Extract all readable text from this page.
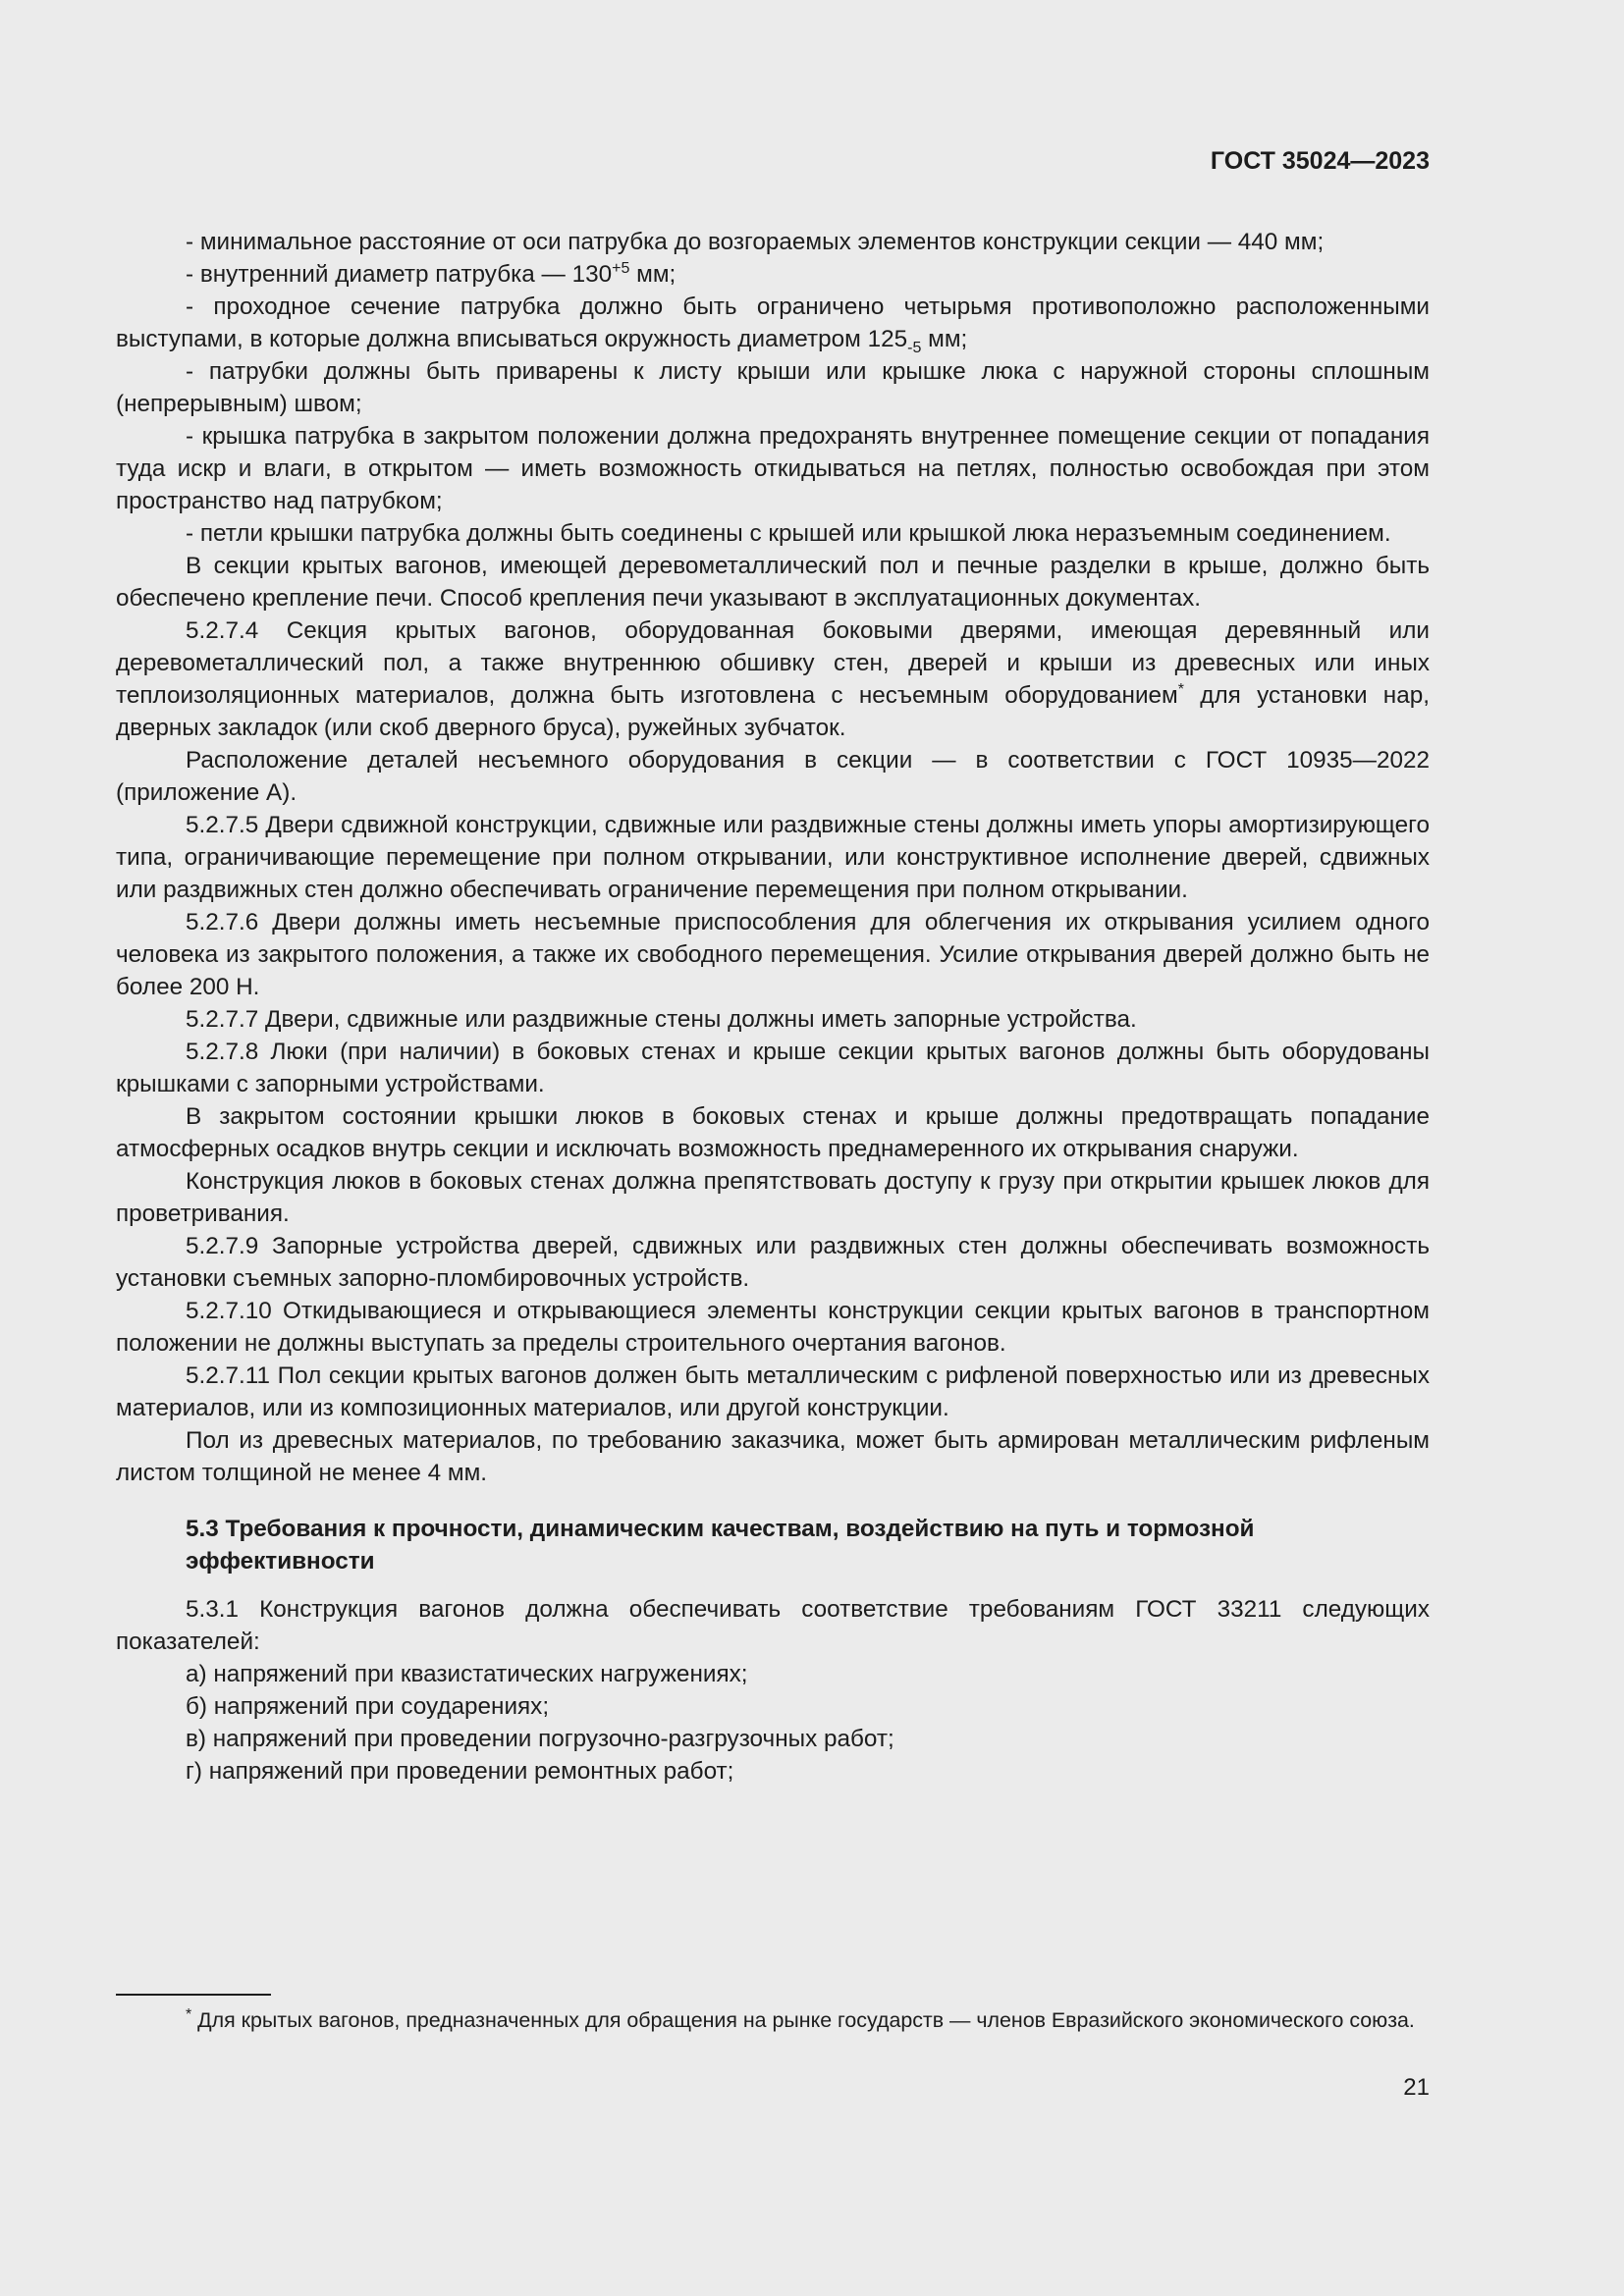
ГОСТ 35024—2023

- минимальное расстояние от оси патрубка до возгораемых элементов конструкции секции — 440 мм;

- внутренний диаметр патрубка — $130^{+5}$ мм;

- проходное сечение патрубка должно быть ограничено четырьмя противоположно расположенными выступами, в которые должна вписываться окружность диаметром $125_{-5}$ мм;

- патрубки должны быть приварены к листу крыши или крышке люка с наружной стороны сплошным (непрерывным) швом;

- крышка патрубка в закрытом положении должна предохранять внутреннее помещение секции от попадания туда искр и влаги, в открытом — иметь возможность откидываться на петлях, полностью освобождая при этом пространство над патрубком;

- петли крышки патрубка должны быть соединены с крышей или крышкой люка неразъемным соединением.

В секции крытых вагонов, имеющей деревометаллический пол и печные разделки в крыше, должно быть обеспечено крепление печи. Способ крепления печи указывают в эксплуатационных документах.

5.2.7.4 Секция крытых вагонов, оборудованная боковыми дверями, имеющая деревянный или деревометаллический пол, а также внутреннюю обшивку стен, дверей и крыши из древесных или иных теплоизоляционных материалов, должна быть изготовлена с несъемным оборудованием* для установки нар, дверных закладок (или скоб дверного бруса), ружейных зубчаток.

Расположение деталей несъемного оборудования в секции — в соответствии с ГОСТ 10935—2022 (приложение А).

5.2.7.5 Двери сдвижной конструкции, сдвижные или раздвижные стены должны иметь упоры амортизирующего типа, ограничивающие перемещение при полном открывании, или конструктивное исполнение дверей, сдвижных или раздвижных стен должно обеспечивать ограничение перемещения при полном открывании.

5.2.7.6 Двери должны иметь несъемные приспособления для облегчения их открывания усилием одного человека из закрытого положения, а также их свободного перемещения. Усилие открывания дверей должно быть не более 200 Н.

5.2.7.7 Двери, сдвижные или раздвижные стены должны иметь запорные устройства.

5.2.7.8 Люки (при наличии) в боковых стенах и крыше секции крытых вагонов должны быть оборудованы крышками с запорными устройствами.

В закрытом состоянии крышки люков в боковых стенах и крыше должны предотвращать попадание атмосферных осадков внутрь секции и исключать возможность преднамеренного их открывания снаружи.

Конструкция люков в боковых стенах должна препятствовать доступу к грузу при открытии крышек люков для проветривания.

5.2.7.9 Запорные устройства дверей, сдвижных или раздвижных стен должны обеспечивать возможность установки съемных запорно-пломбировочных устройств.

5.2.7.10 Откидывающиеся и открывающиеся элементы конструкции секции крытых вагонов в транспортном положении не должны выступать за пределы строительного очертания вагонов.

5.2.7.11 Пол секции крытых вагонов должен быть металлическим с рифленой поверхностью или из древесных материалов, или из композиционных материалов, или другой конструкции.

Пол из древесных материалов, по требованию заказчика, может быть армирован металлическим рифленым листом толщиной не менее 4 мм.

5.3 Требования к прочности, динамическим качествам, воздействию на путь и тормозной эффективности

5.3.1 Конструкция вагонов должна обеспечивать соответствие требованиям ГОСТ 33211 следующих показателей:

а) напряжений при квазистатических нагружениях;

б) напряжений при соударениях;

в) напряжений при проведении погрузочно-разгрузочных работ;

г) напряжений при проведении ремонтных работ;

* Для крытых вагонов, предназначенных для обращения на рынке государств — членов Евразийского экономического союза.

21
